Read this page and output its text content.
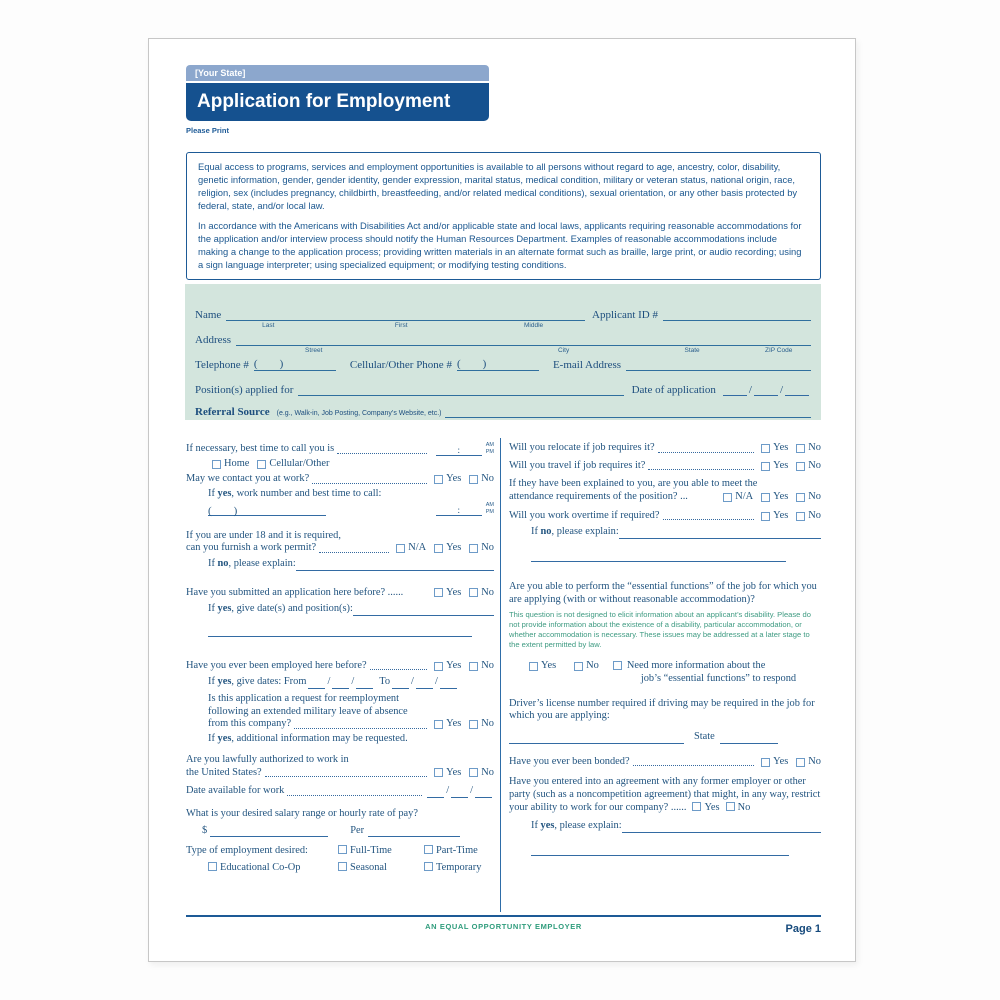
[Your State]
Application for Employment
Please Print

Equal access to programs, services and employment opportunities is available to all persons without regard to age, ancestry, color, disability, genetic information, gender, gender identity, gender expression, marital status, medical condition, military or veteran status, national origin, race, religion, sex (includes pregnancy, childbirth, breastfeeding, and/or related medical conditions), sexual orientation, or any other basis protected by federal, state, and/or local law.

In accordance with the Americans with Disabilities Act and/or applicable state and local laws, applicants requiring reasonable accommodations for the application and/or interview process should notify the Human Resources Department. Examples of reasonable accommodations include making a change to the application process; providing written materials in an alternate format such as braille, large print, or audio recording; using a sign language interpreter; using specialized equipment; or modifying testing conditions.

Name
Last	First	Middle
Applicant ID #
Address
Street	City	State	ZIP Code
Telephone # (        )	Cellular/Other Phone # (        )	E-mail Address
Position(s) applied for	Date of application	/	/
Referral Source (e.g., Walk-in, Job Posting, Company’s Website, etc.)
If necessary, best time to call you is	:	AM
PM
Home Cellular/Other
May we contact you at work?	Yes No
If yes, work number and best time to call:
(        )	:	AM
PM
If you are under 18 and it is required,
can you furnish a work permit?	N/A Yes No
If no, please explain:
Have you submitted an application here before? ......	Yes No
If yes, give date(s) and position(s):
Have you ever been employed here before?	Yes No
If yes, give dates: From / / To / /
Is this application a request for reemployment
following an extended military leave of absence
from this company?	Yes No
If yes, additional information may be requested.
Are you lawfully authorized to work in
the United States?	Yes No
Date available for work	/ /
What is your desired salary range or hourly rate of pay?
$	Per
Type of employment desired:	Full-Time	Part-Time
Educational Co-Op	Seasonal	Temporary
Will you relocate if job requires it?	Yes No
Will you travel if job requires it?	Yes No
If they have been explained to you, are you able to meet the
attendance requirements of the position? ...	N/A Yes No
Will you work overtime if required?	Yes No
If no, please explain:
Are you able to perform the “essential functions” of the job for which you are applying (with or without reasonable accommodation)?
This question is not designed to elicit information about an applicant’s disability. Please do not provide information about the existence of a disability, particular accommodation, or whether accommodation is necessary. These issues may be addressed at a later stage to the extent permitted by law.
Yes	No	Need more information about the
job’s “essential functions” to respond
Driver’s license number required if driving may be required in the job for which you are applying:
State
Have you ever been bonded?	Yes No
Have you entered into an agreement with any former employer or other party (such as a noncompetition agreement) that might, in any way, restrict your ability to work for our company? ...... Yes No
If yes, please explain:
AN EQUAL OPPORTUNITY EMPLOYER	Page 1
